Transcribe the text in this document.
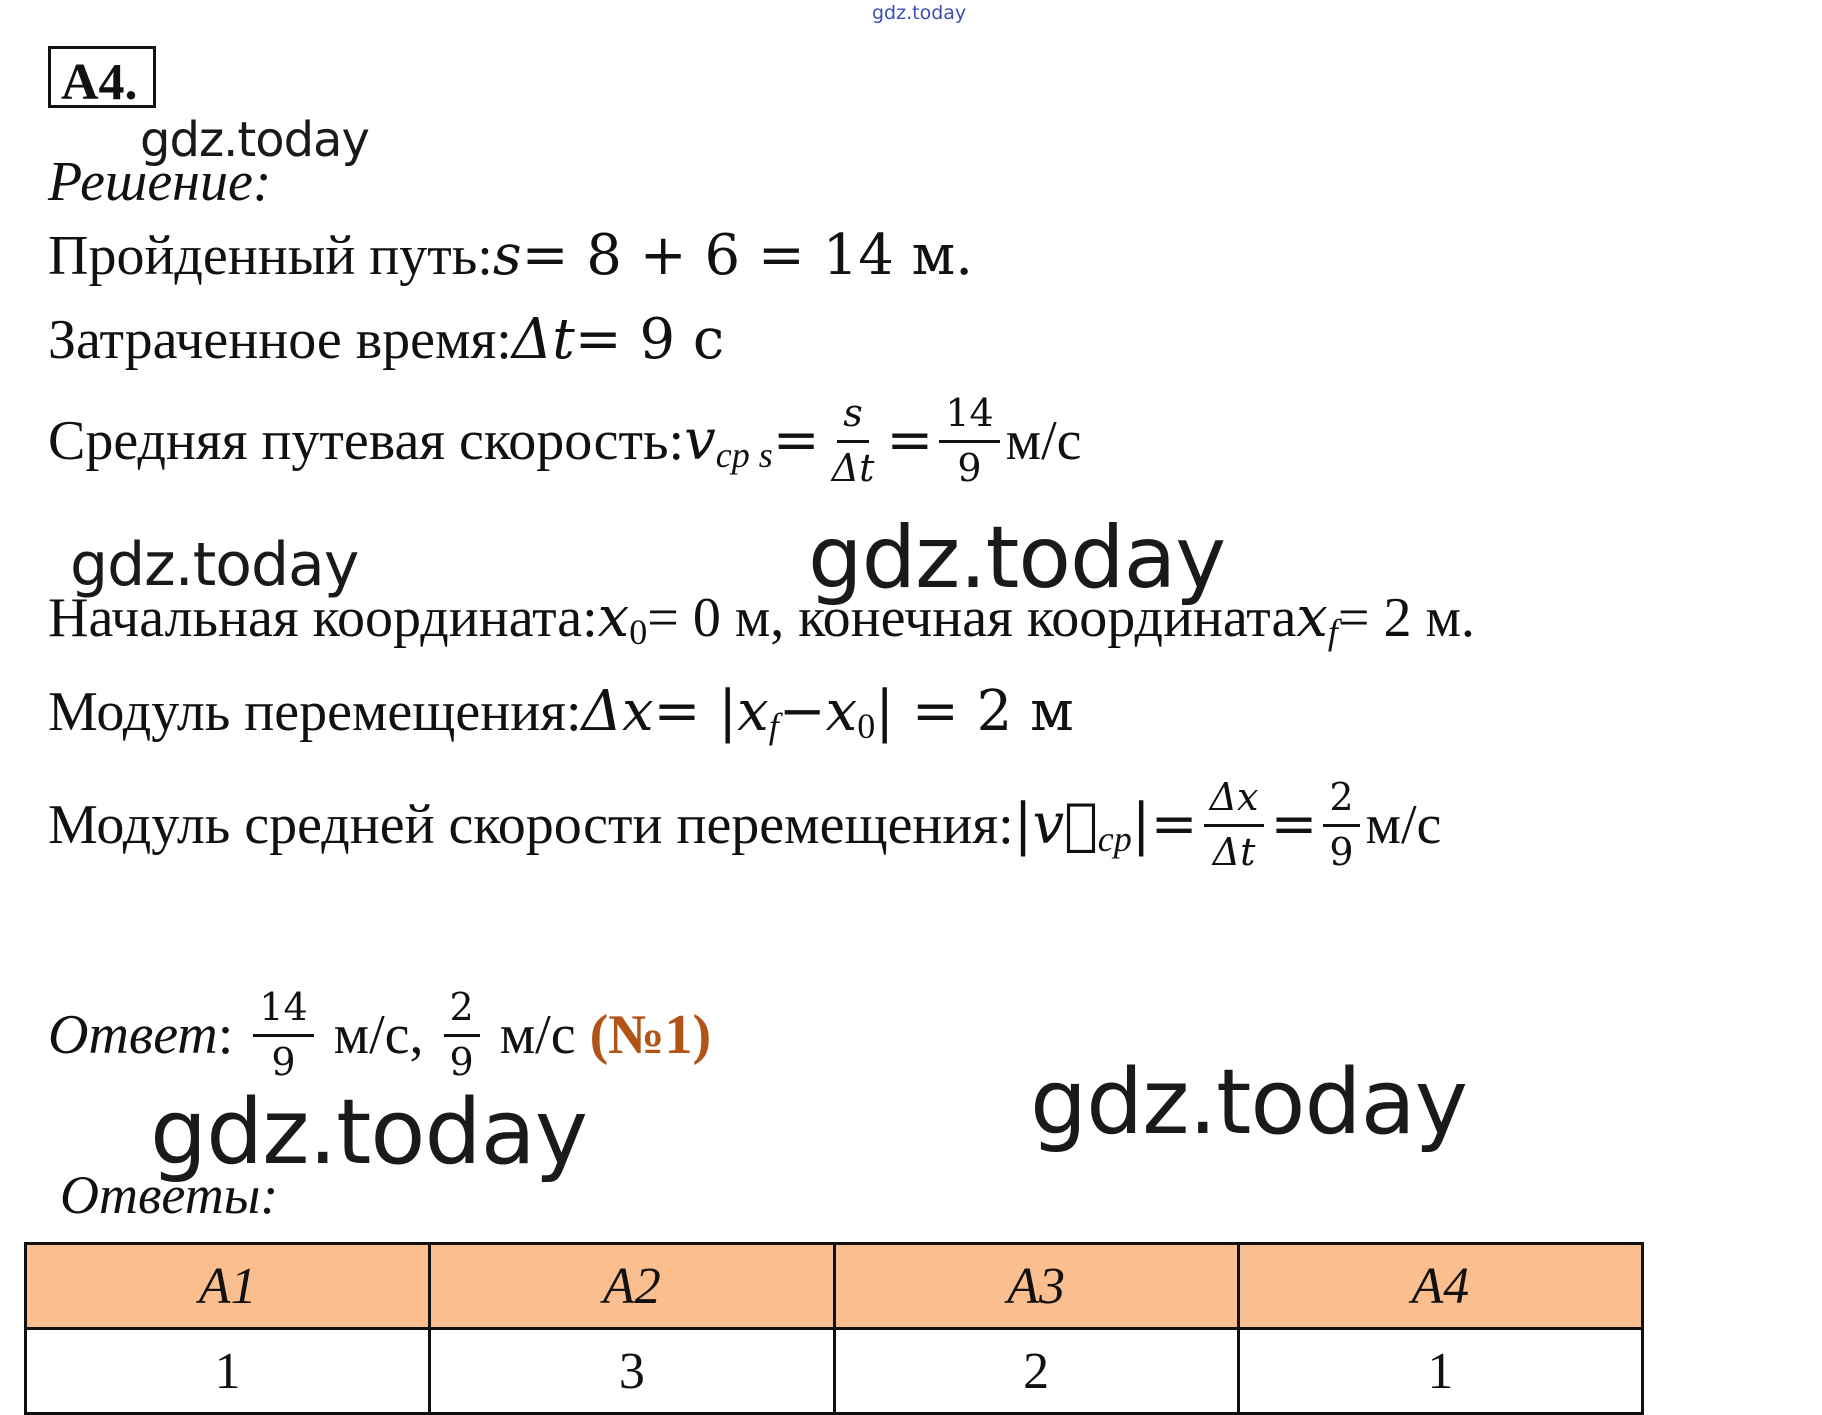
gdz.today
A4.
gdz.today
Решение:
Пройденный путь: s = 8 + 6 = 14 м.
Затраченное время: Δt = 9 с
Средняя путевая скорость: v ср $s = \frac{s}{\Delta t} = \frac{14}{9} м/с$
gdz.today	gdz.today
Начальная координата: x 0 = 0 м, конечная координата x f = 2 м.
Модуль перемещения: Δx = | x f − x 0 | = 2 м
Модуль средней скорости перемещения: |v⃗ ср | = $\frac{\Delta x}{\Delta t} = \frac{2}{9} м/с$
Ответ : $\frac{14}{9} м/с$, $\frac{2}{9} м/с$ (№1)
gdz.today	gdz.today
Ответы:
A1	A2	A3	A4
1	3	2	1
